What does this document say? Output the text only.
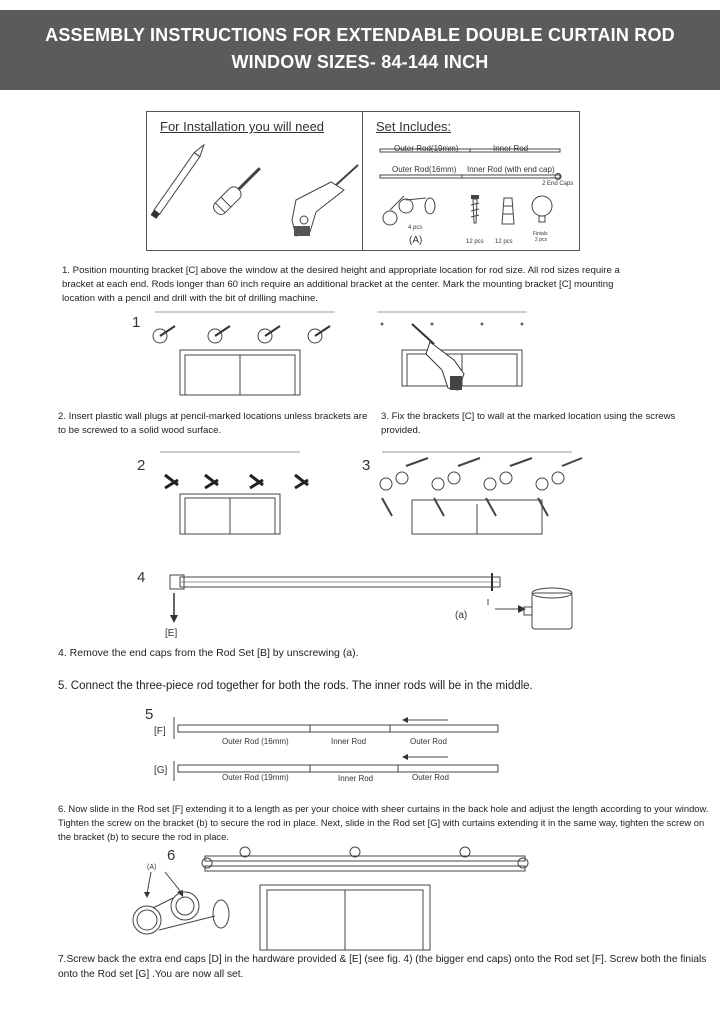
ASSEMBLY INSTRUCTIONS FOR EXTENDABLE DOUBLE CURTAIN ROD
WINDOW SIZES- 84-144 INCH
For Installation you will need	Set Includes:
Outer Rod(19mm)	Inner Rod
Outer Rod(16mm) Inner Rod (with end cap)
2 End Caps
4 pcs
(A)	12 pcs 12 pcs
Finials
2 pcs
1. Position mounting bracket [C] above the window at the desired height and appropriate location for rod size. All rod sizes require a bracket at each end. Rods longer than 60 inch require an additional bracket at the center. Mark the mounting bracket [C] mounting location with a pencil and drill with the bit of drilling machine.
1
2. Insert plastic wall plugs at pencil-marked locations unless brackets are to be screwed to a solid wood surface.
3. Fix the brackets [C] to wall at the marked location using the screws provided.
2	3
4
[E]
(a)
4. Remove the end caps from the Rod Set [B] by unscrewing (a).
5. Connect the three-piece rod together for both the rods. The inner rods will be in the middle.
5
[F]
[G]
Outer Rod (16mm)	Inner Rod	Outer Rod
Outer Rod (19mm)	Inner Rod	Outer Rod
6. Now slide in the Rod set [F] extending it to a length as per your choice with sheer curtains in the back hole and adjust the length according to your window. Tighten the screw on the bracket (b) to secure the rod in place. Next, slide in the Rod set [G] with curtains extending it in the same way, tighten the screw on the bracket (b) to secure the rod in place.
6
(A)
7.Screw back the extra end caps [D] in the hardware provided & [E] (see fig. 4) (the bigger end caps) onto the Rod set [F]. Screw both the finials onto the Rod set [G] .You are now all set.
